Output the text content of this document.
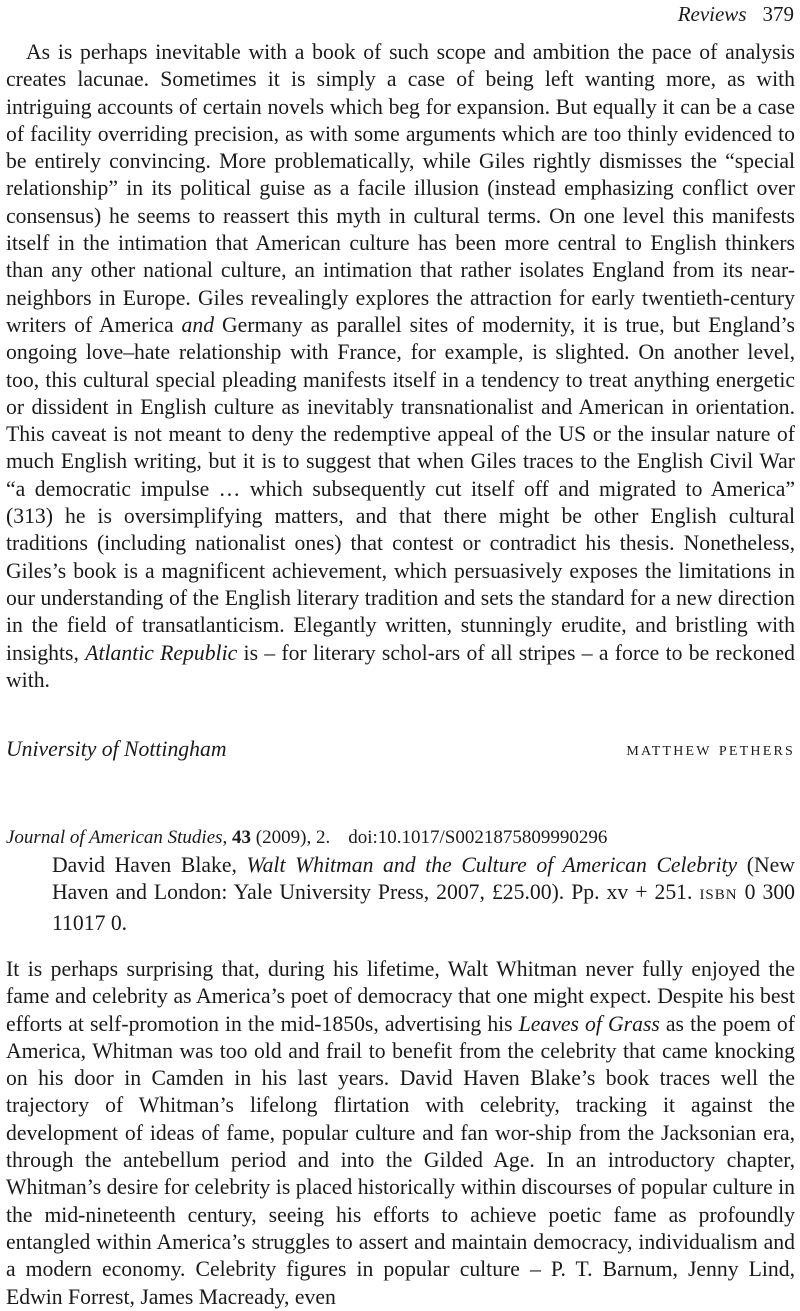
Reviews 379

As is perhaps inevitable with a book of such scope and ambition the pace of analysis creates lacunae. Sometimes it is simply a case of being left wanting more, as with intriguing accounts of certain novels which beg for expansion. But equally it can be a case of facility overriding precision, as with some arguments which are too thinly evidenced to be entirely convincing. More problematically, while Giles rightly dismisses the “special relationship” in its political guise as a facile illusion (instead emphasizing conflict over consensus) he seems to reassert this myth in cultural terms. On one level this manifests itself in the intimation that American culture has been more central to English thinkers than any other national culture, an intimation that rather isolates England from its near-neighbors in Europe. Giles revealingly explores the attraction for early twentieth-century writers of America and Germany as parallel sites of modernity, it is true, but England’s ongoing love–hate relationship with France, for example, is slighted. On another level, too, this cultural special pleading manifests itself in a tendency to treat anything energetic or dissident in English culture as inevitably transnationalist and American in orientation. This caveat is not meant to deny the redemptive appeal of the US or the insular nature of much English writing, but it is to suggest that when Giles traces to the English Civil War “a democratic impulse … which subsequently cut itself off and migrated to America” (313) he is oversimplifying matters, and that there might be other English cultural traditions (including nationalist ones) that contest or contradict his thesis. Nonetheless, Giles’s book is a magnificent achievement, which persuasively exposes the limitations in our understanding of the English literary tradition and sets the standard for a new direction in the field of transatlanticism. Elegantly written, stunningly erudite, and bristling with insights, Atlantic Republic is – for literary schol-ars of all stripes – a force to be reckoned with.

University of Nottingham	matthew pethers
Journal of American Studies, 43 (2009), 2. doi:10.1017/S0021875809990296

David Haven Blake, Walt Whitman and the Culture of American Celebrity (New Haven and London: Yale University Press, 2007, £25.00). Pp. xv + 251. ISBN 0 300 11017 0.

It is perhaps surprising that, during his lifetime, Walt Whitman never fully enjoyed the fame and celebrity as America’s poet of democracy that one might expect. Despite his best efforts at self-promotion in the mid-1850s, advertising his Leaves of Grass as the poem of America, Whitman was too old and frail to benefit from the celebrity that came knocking on his door in Camden in his last years. David Haven Blake’s book traces well the trajectory of Whitman’s lifelong flirtation with celebrity, tracking it against the development of ideas of fame, popular culture and fan wor-ship from the Jacksonian era, through the antebellum period and into the Gilded Age. In an introductory chapter, Whitman’s desire for celebrity is placed historically within discourses of popular culture in the mid-nineteenth century, seeing his efforts to achieve poetic fame as profoundly entangled within America’s struggles to assert and maintain democracy, individualism and a modern economy. Celebrity figures in popular culture – P. T. Barnum, Jenny Lind, Edwin Forrest, James Macready, even
